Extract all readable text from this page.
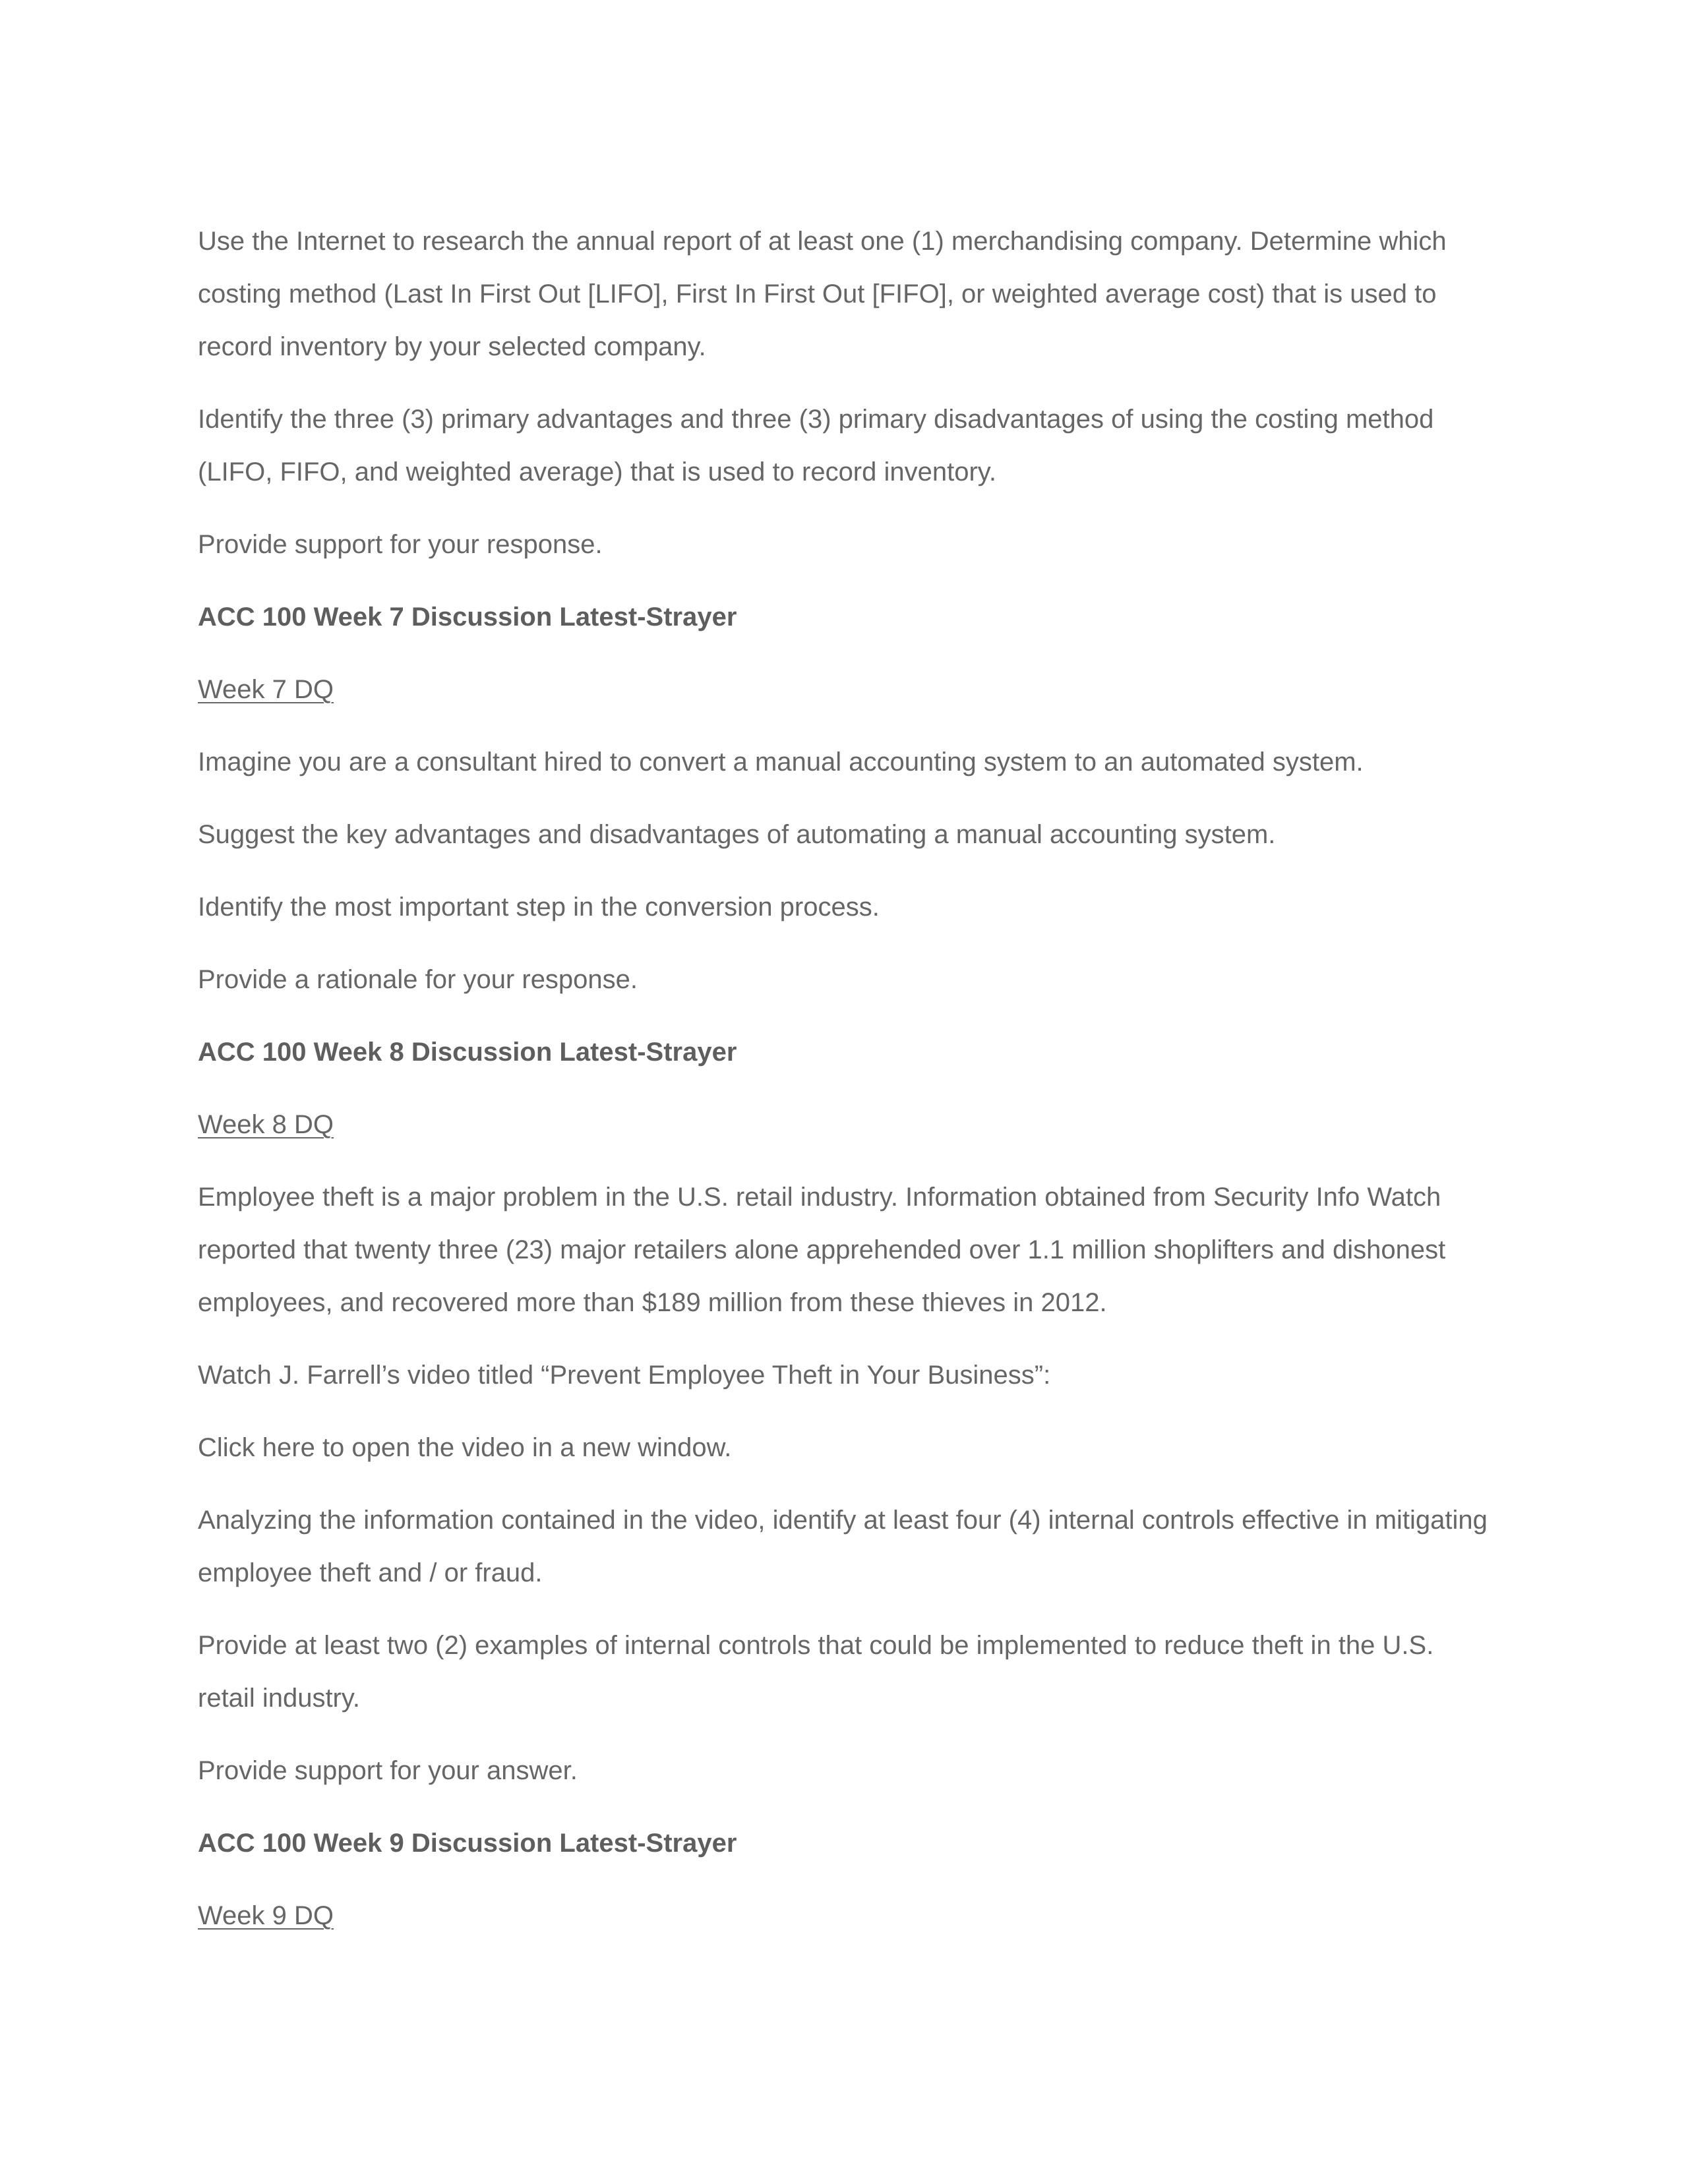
Use the Internet to research the annual report of at least one (1) merchandising company. Determine which costing method (Last In First Out [LIFO], First In First Out [FIFO], or weighted average cost) that is used to record inventory by your selected company.

Identify the three (3) primary advantages and three (3) primary disadvantages of using the costing method (LIFO, FIFO, and weighted average) that is used to record inventory.

Provide support for your response.

ACC 100 Week 7 Discussion Latest-Strayer

Week 7 DQ

Imagine you are a consultant hired to convert a manual accounting system to an automated system.

Suggest the key advantages and disadvantages of automating a manual accounting system.

Identify the most important step in the conversion process.

Provide a rationale for your response.

ACC 100 Week 8 Discussion Latest-Strayer

Week 8 DQ

Employee theft is a major problem in the U.S. retail industry. Information obtained from Security Info Watch reported that twenty three (23) major retailers alone apprehended over 1.1 million shoplifters and dishonest employees, and recovered more than $189 million from these thieves in 2012.

Watch J. Farrell’s video titled “Prevent Employee Theft in Your Business”:

Click here to open the video in a new window.

Analyzing the information contained in the video, identify at least four (4) internal controls effective in mitigating employee theft and / or fraud.

Provide at least two (2) examples of internal controls that could be implemented to reduce theft in the U.S. retail industry.

Provide support for your answer.

ACC 100 Week 9 Discussion Latest-Strayer

Week 9 DQ
